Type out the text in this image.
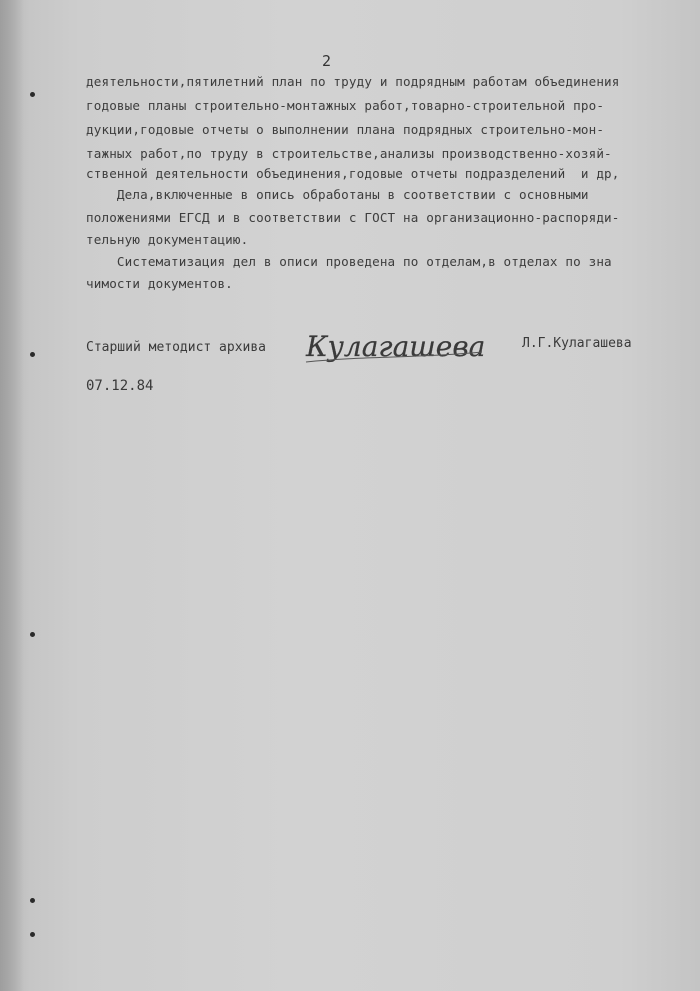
2
деятельности,пятилетний план по труду и подрядным работам объединения
годовые планы строительно-монтажных работ,товарно-строительной про-
дукции,годовые отчеты о выполнении плана подрядных строительно-мон-
тажных работ,по труду в строительстве,анализы производственно-хозяй-
ственной деятельности объединения,годовые отчеты подразделений  и др,
Дела,включенные в опись обработаны в соответствии с основными
положениями ЕГСД и в соответствии с ГОСТ на организационно-распоряди-
тельную документацию.
Систематизация дел в описи проведена по отделам,в отделах по зна
чимости документов.
Старший методист архива Кулагашева	Л.Г.Кулагашева
07.12.84
